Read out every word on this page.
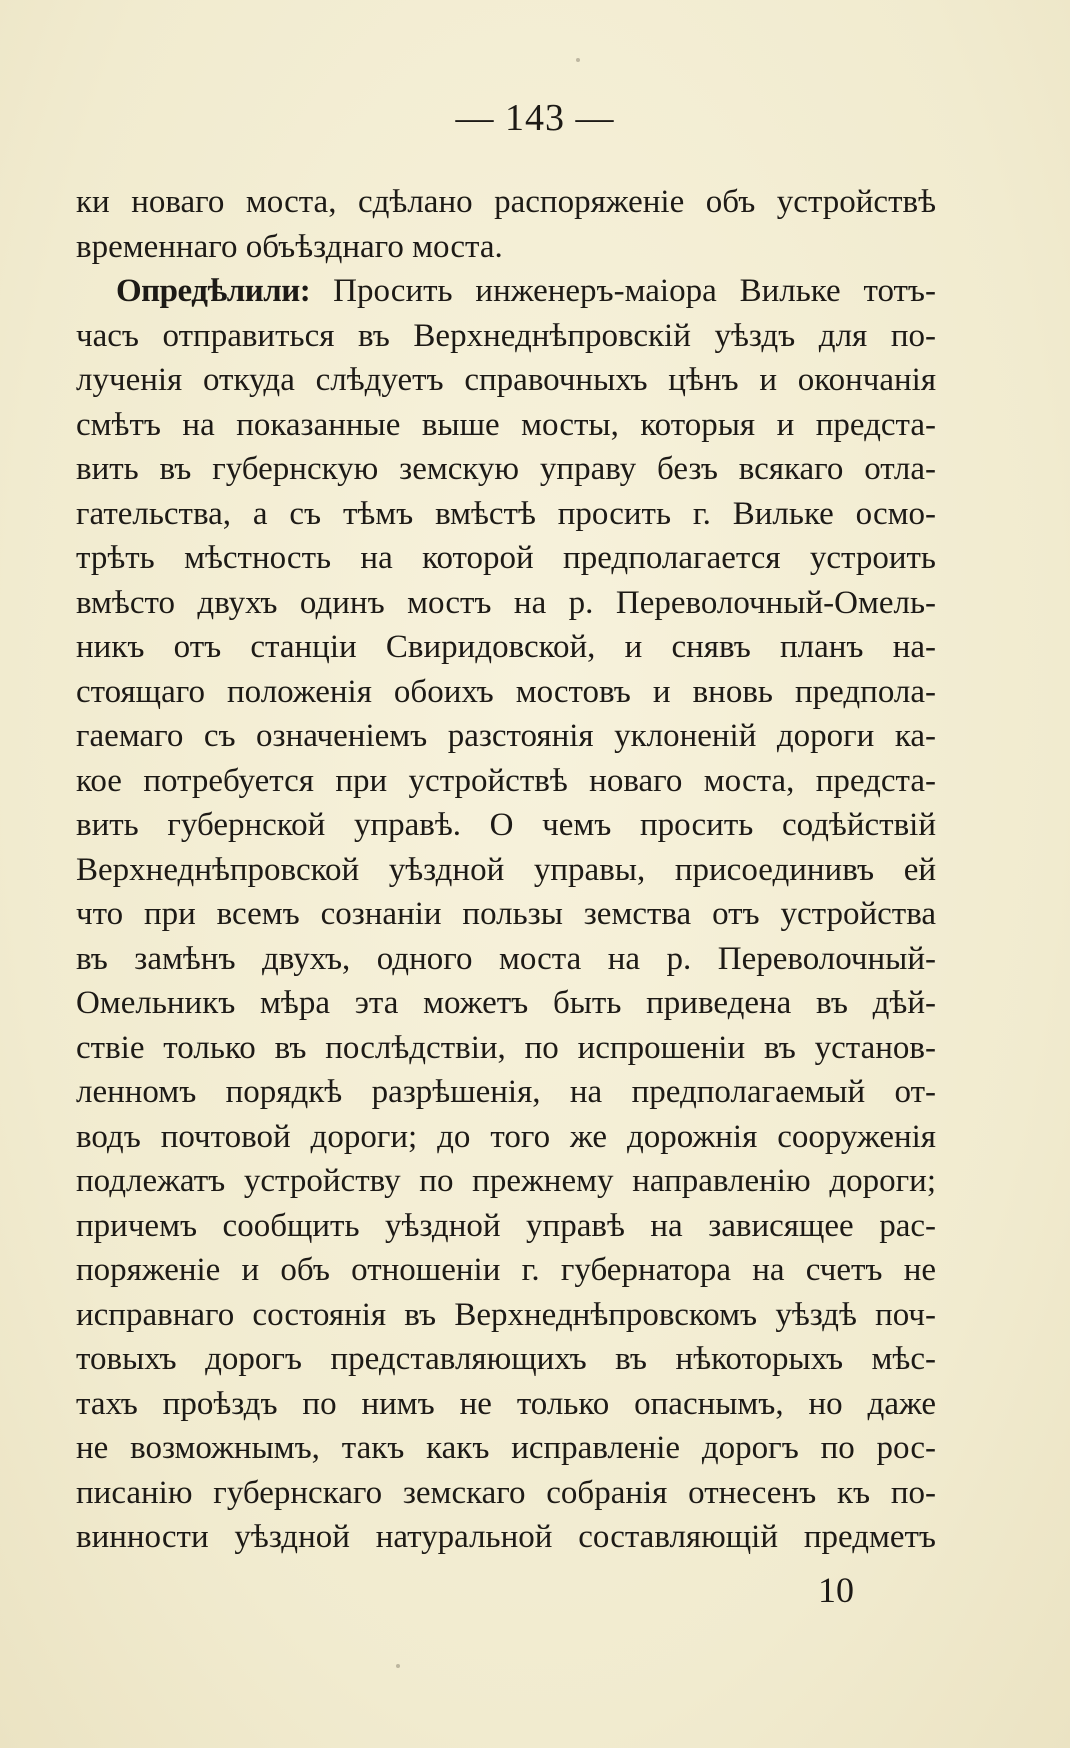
— 143 —
ки новаго моста, сдѣлано распоряженіе объ устройствѣ
временнаго объѣзднаго моста.
Опредѣлили: Просить инженеръ-маіора Вильке тотъ-
часъ отправиться въ Верхнеднѣпровскій уѣздъ для по-
лученія откуда слѣдуетъ справочныхъ цѣнъ и окончанія
смѣтъ на показанные выше мосты, которыя и предста-
вить въ губернскую земскую управу безъ всякаго отла-
гательства, а съ тѣмъ вмѣстѣ просить г. Вильке осмо-
трѣть мѣстность на которой предполагается устроить
вмѣсто двухъ одинъ мостъ на р. Переволочный-Омель-
никъ отъ станціи Свиридовской, и снявъ планъ на-
стоящаго положенія обоихъ мостовъ и вновь предпола-
гаемаго съ означеніемъ разстоянія уклоненій дороги ка-
кое потребуется при устройствѣ новаго моста, предста-
вить губернской управѣ. О чемъ просить содѣйствій
Верхнеднѣпровской уѣздной управы, присоединивъ ей
что при всемъ сознаніи пользы земства отъ устройства
въ замѣнъ двухъ, одного моста на р. Переволочный-
Омельникъ мѣра эта можетъ быть приведена въ дѣй-
ствіе только въ послѣдствіи, по испрошеніи въ установ-
ленномъ порядкѣ разрѣшенія, на предполагаемый от-
водъ почтовой дороги; до того же дорожнія сооруженія
подлежатъ устройству по прежнему направленію дороги;
причемъ сообщить уѣздной управѣ на зависящее рас-
поряженіе и объ отношеніи г. губернатора на счетъ не
исправнаго состоянія въ Верхнеднѣпровскомъ уѣздѣ поч-
товыхъ дорогъ представляющихъ въ нѣкоторыхъ мѣс-
тахъ проѣздъ по нимъ не только опаснымъ, но даже
не возможнымъ, такъ какъ исправленіе дорогъ по рос-
писанію губернскаго земскаго собранія отнесенъ къ по-
винности уѣздной натуральной составляющій предметъ
10
